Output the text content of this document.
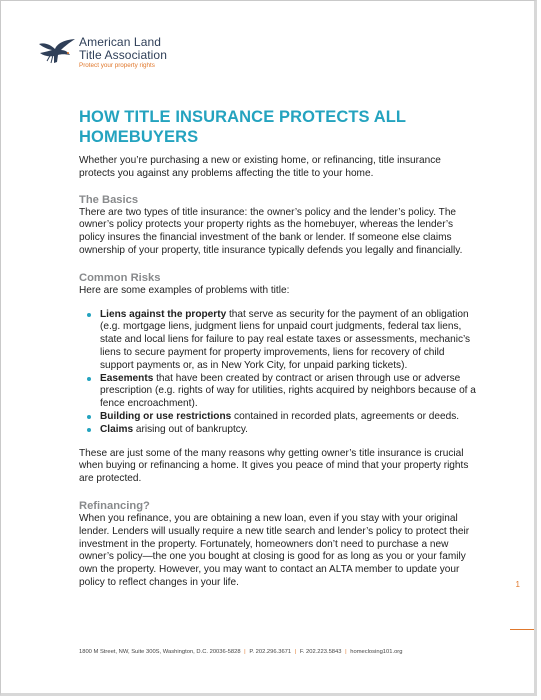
American Land
Title Association
Protect your property rights
HOW TITLE INSURANCE PROTECTS ALL HOMEBUYERS

Whether you’re purchasing a new or existing home, or refinancing, title insurance protects you against any problems affecting the title to your home.

The Basics

There are two types of title insurance: the owner’s policy and the lender’s policy. The owner’s policy protects your property rights as the homebuyer, whereas the lender’s policy insures the financial investment of the bank or lender. If someone else claims ownership of your property, title insurance typically defends you legally and financially.

Common Risks

Here are some examples of problems with title:

Liens against the property that serve as security for the payment of an obligation (e.g. mortgage liens, judgment liens for unpaid court judgments, federal tax liens, state and local liens for failure to pay real estate taxes or assessments, mechanic’s liens to secure payment for property improvements, liens for recovery of child support payments or, as in New York City, for unpaid parking tickets).
Easements that have been created by contract or arisen through use or adverse prescription (e.g. rights of way for utilities, rights acquired by neighbors because of a fence encroachment).
Building or use restrictions contained in recorded plats, agreements or deeds.
Claims arising out of bankruptcy.

These are just some of the many reasons why getting owner’s title insurance is crucial when buying or refinancing a home. It gives you peace of mind that your property rights are protected.

Refinancing?

When you refinance, you are obtaining a new loan, even if you stay with your original lender. Lenders will usually require a new title search and lender’s policy to protect their investment in the property. Fortunately, homeowners don’t need to purchase a new owner’s policy—the one you bought at closing is good for as long as you or your family own the property. However, you may want to contact an ALTA member to update your policy to reflect changes in your life.	1
1800 M Street, NW, Suite 300S, Washington, D.C. 20036-5828 | P. 202.296.3671 | F. 202.223.5843 | homeclosing101.org
